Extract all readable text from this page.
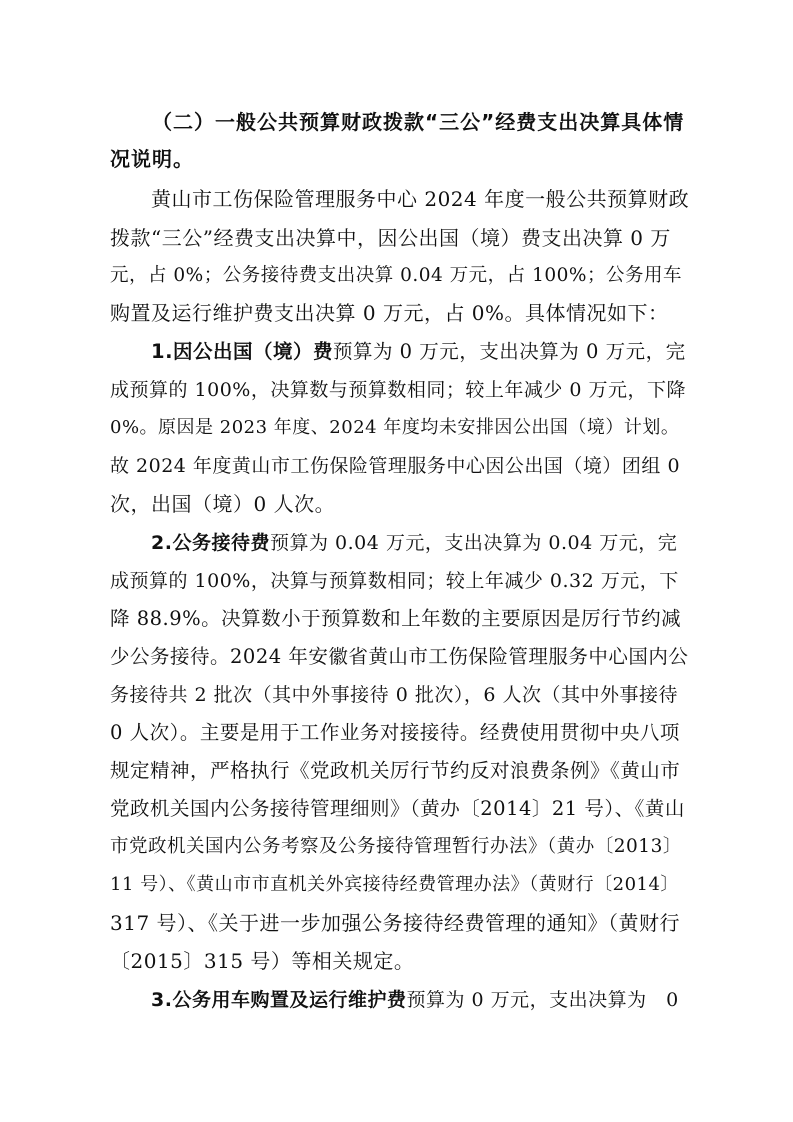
（二）一般公共预算财政拨款“三公”经费支出决算具体情
况说明。
黄山市工伤保险管理服务中心 2024 年度一般公共预算财政
拨款“三公”经费支出决算中，因公出国（境）费支出决算 0 万
元，占 0%；公务接待费支出决算 0.04 万元，占 100%；公务用车
购置及运行维护费支出决算 0 万元，占 0%。具体情况如下：
1.因公出国（境）费预算为 0 万元，支出决算为 0 万元，完
成预算的 100%，决算数与预算数相同；较上年减少 0 万元，下降
0%。原因是 2023 年度、2024 年度均未安排因公出国（境）计划。
故 2024 年度黄山市工伤保险管理服务中心因公出国（境）团组 0
次，出国（境）0 人次。
2.公务接待费预算为 0.04 万元，支出决算为 0.04 万元，完
成预算的 100%，决算与预算数相同；较上年减少 0.32 万元，下
降 88.9%。决算数小于预算数和上年数的主要原因是厉行节约减
少公务接待。2024 年安徽省黄山市工伤保险管理服务中心国内公
务接待共 2 批次（其中外事接待 0 批次），6 人次（其中外事接待
0 人次）。主要是用于工作业务对接接待。经费使用贯彻中央八项
规定精神，严格执行《党政机关厉行节约反对浪费条例》《黄山市
党政机关国内公务接待管理细则》（黄办〔2014〕21 号）、《黄山
市党政机关国内公务考察及公务接待管理暂行办法》（黄办〔2013〕
11 号）、《黄山市市直机关外宾接待经费管理办法》（黄财行〔2014〕
317 号）、《关于进一步加强公务接待经费管理的通知》（黄财行
〔2015〕315 号）等相关规定。
3.公务用车购置及运行维护费预算为 0 万元，支出决算为　0
